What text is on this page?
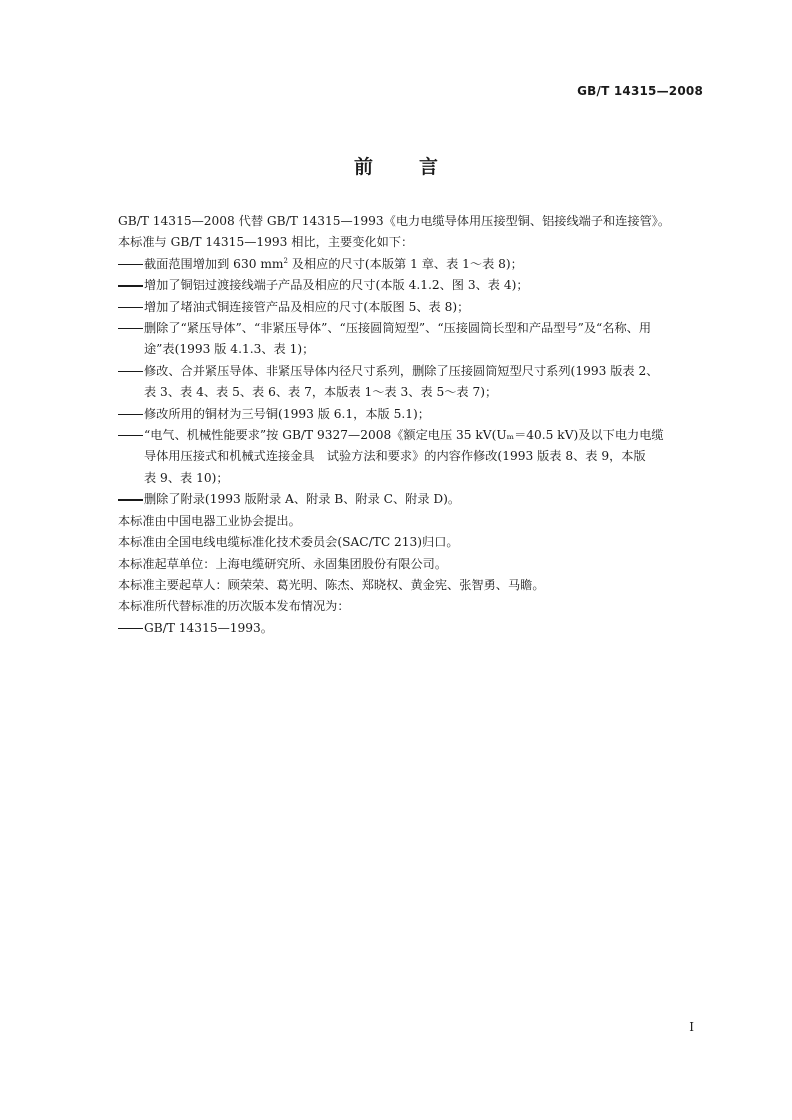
GB/T 14315—2008
前言

GB/T 14315—2008 代替 GB/T 14315—1993《电力电缆导体用压接型铜、铝接线端子和连接管》。

本标准与 GB/T 14315—1993 相比，主要变化如下：

截面范围增加到 630 $mm^2$ 及相应的尺寸(本版第 1 章、表 1～表 8)；
增加了铜铝过渡接线端子产品及相应的尺寸(本版 4.1.2、图 3、表 4)；
增加了堵油式铜连接管产品及相应的尺寸(本版图 5、表 8)；
删除了“紧压导体”、“非紧压导体”、“压接圆筒短型”、“压接圆筒长型和产品型号”及“名称、用
途”表(1993 版 4.1.3、表 1)；
修改、合并紧压导体、非紧压导体内径尺寸系列，删除了压接圆筒短型尺寸系列(1993 版表 2、
表 3、表 4、表 5、表 6、表 7，本版表 1～表 3、表 5～表 7)；
修改所用的铜材为三号铜(1993 版 6.1，本版 5.1)；
“电气、机械性能要求”按 GB/T 9327—2008《额定电压 35 kV(Uₘ＝40.5 kV)及以下电力电缆
导体用压接式和机械式连接金具　试验方法和要求》的内容作修改(1993 版表 8、表 9，本版
表 9、表 10)；
删除了附录(1993 版附录 A、附录 B、附录 C、附录 D)。

本标准由中国电器工业协会提出。

本标准由全国电线电缆标准化技术委员会(SAC/TC 213)归口。

本标准起草单位：上海电缆研究所、永固集团股份有限公司。

本标准主要起草人：顾荣荣、葛光明、陈杰、郑晓权、黄金宪、张智勇、马瞻。

本标准所代替标准的历次版本发布情况为：

GB/T 14315—1993。
I
